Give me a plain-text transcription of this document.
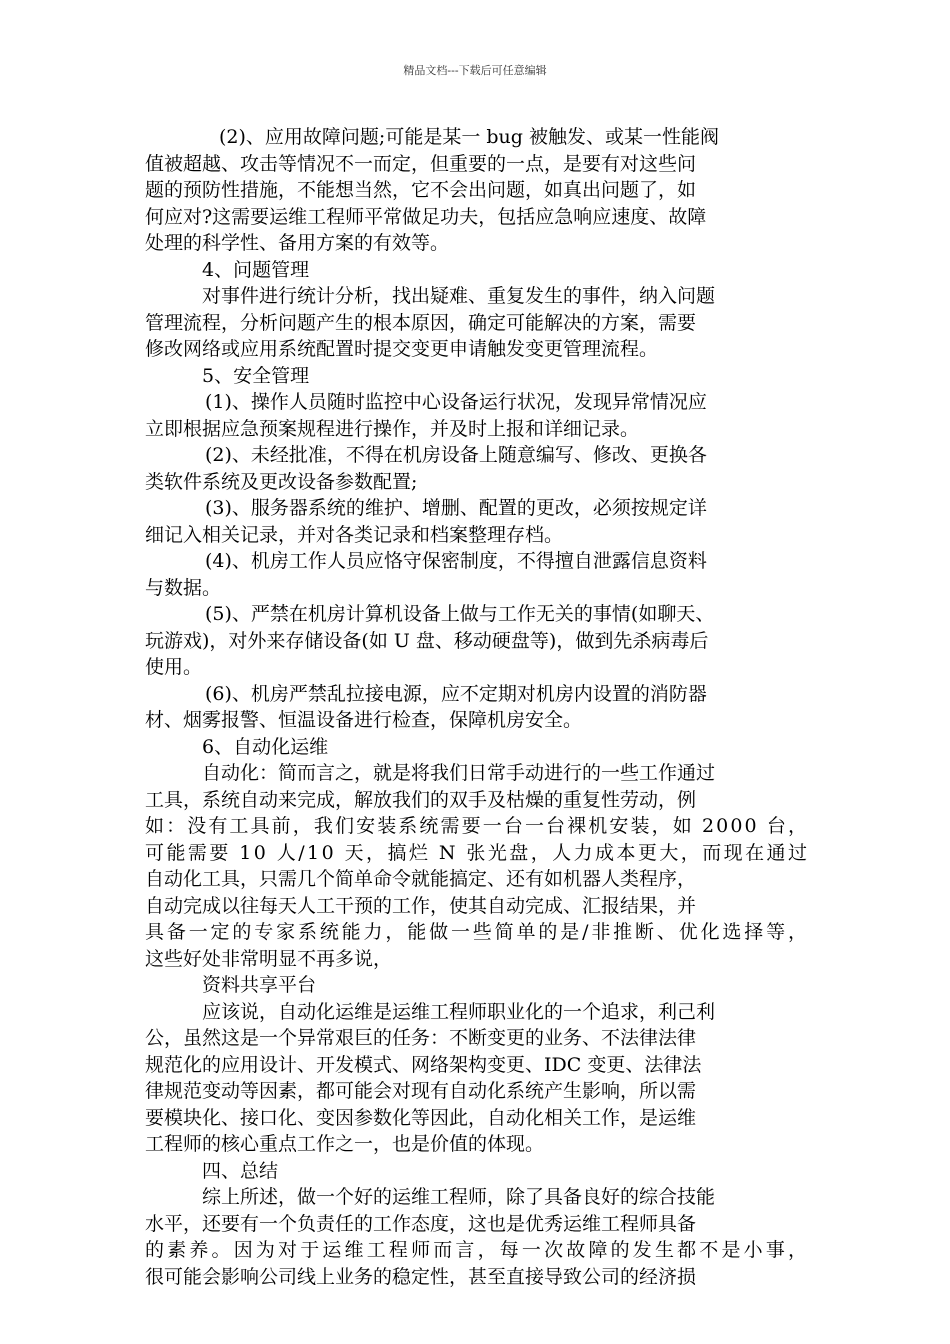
精品文档---下载后可任意编辑
(2)、应用故障问题;可能是某一 bug 被触发、或某一性能阀
值被超越、攻击等情况不一而定，但重要的一点，是要有对这些问
题的预防性措施，不能想当然，它不会出问题，如真出问题了，如
何应对?这需要运维工程师平常做足功夫，包括应急响应速度、故障
处理的科学性、备用方案的有效等。
4、问题管理
对事件进行统计分析，找出疑难、重复发生的事件，纳入问题
管理流程，分析问题产生的根本原因，确定可能解决的方案，需要
修改网络或应用系统配置时提交变更申请触发变更管理流程。
5、安全管理
(1)、操作人员随时监控中心设备运行状况，发现异常情况应
立即根据应急预案规程进行操作，并及时上报和详细记录。
(2)、未经批准，不得在机房设备上随意编写、修改、更换各
类软件系统及更改设备参数配置;
(3)、服务器系统的维护、增删、配置的更改，必须按规定详
细记入相关记录，并对各类记录和档案整理存档。
(4)、机房工作人员应恪守保密制度，不得擅自泄露信息资料
与数据。
(5)、严禁在机房计算机设备上做与工作无关的事情(如聊天、
玩游戏)，对外来存储设备(如 U 盘、移动硬盘等)，做到先杀病毒后
使用。
(6)、机房严禁乱拉接电源，应不定期对机房内设置的消防器
材、烟雾报警、恒温设备进行检查，保障机房安全。
6、自动化运维
自动化：简而言之，就是将我们日常手动进行的一些工作通过
工具，系统自动来完成，解放我们的双手及枯燥的重复性劳动，例
如：没有工具前，我们安装系统需要一台一台裸机安装，如 2000 台，
可能需要 10 人/10 天，搞烂 N 张光盘，人力成本更大，而现在通过
自动化工具，只需几个简单命令就能搞定、还有如机器人类程序，
自动完成以往每天人工干预的工作，使其自动完成、汇报结果，并
具备一定的专家系统能力，能做一些简单的是/非推断、优化选择等，
这些好处非常明显不再多说，
资料共享平台
应该说，自动化运维是运维工程师职业化的一个追求，利己利
公，虽然这是一个异常艰巨的任务：不断变更的业务、不法律法律
规范化的应用设计、开发模式、网络架构变更、IDC 变更、法律法
律规范变动等因素，都可能会对现有自动化系统产生影响，所以需
要模块化、接口化、变因参数化等因此，自动化相关工作，是运维
工程师的核心重点工作之一，也是价值的体现。
四、总结
综上所述，做一个好的运维工程师，除了具备良好的综合技能
水平，还要有一个负责任的工作态度，这也是优秀运维工程师具备
的素养。因为对于运维工程师而言，每一次故障的发生都不是小事，
很可能会影响公司线上业务的稳定性，甚至直接导致公司的经济损
